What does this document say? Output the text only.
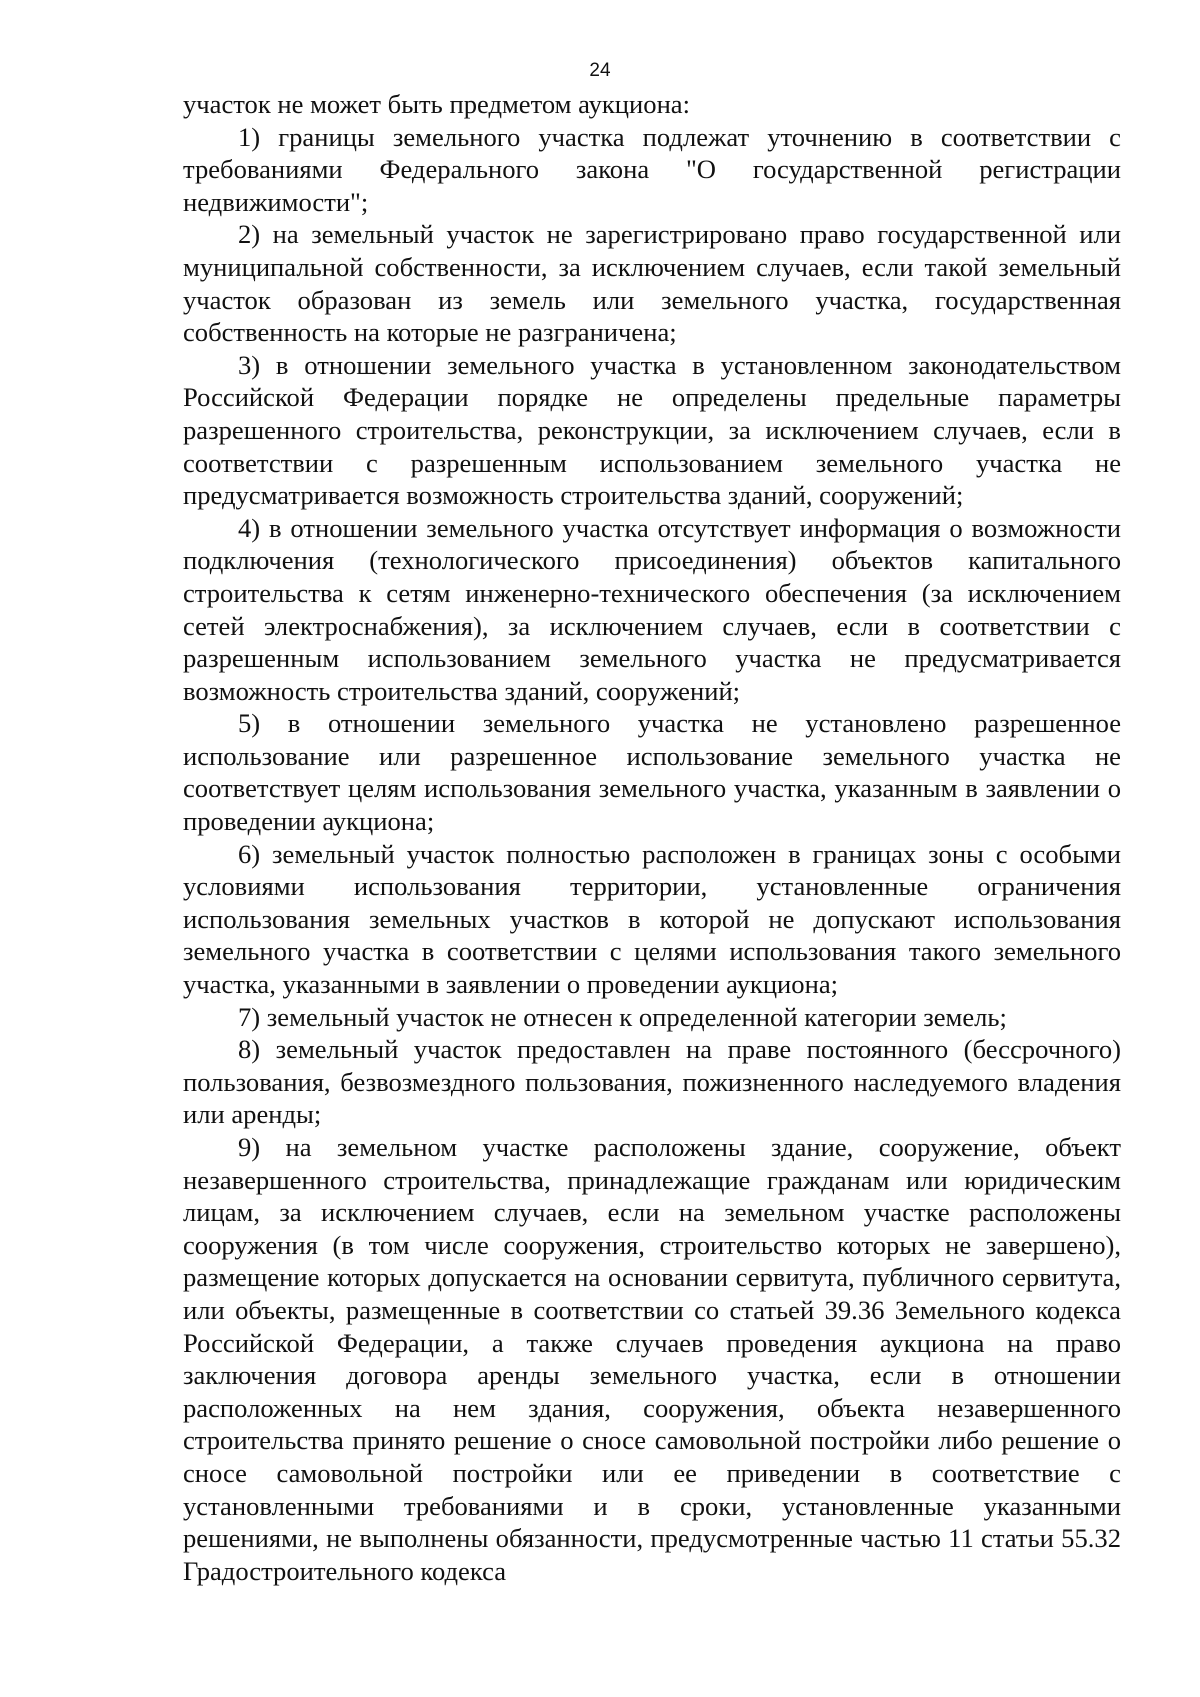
24

участок не может быть предметом аукциона:

1) границы земельного участка подлежат уточнению в соответствии с требованиями Федерального закона "О государственной регистрации недвижимости";

2) на земельный участок не зарегистрировано право государственной или муниципальной собственности, за исключением случаев, если такой земельный участок образован из земель или земельного участка, государственная собственность на которые не разграничена;

3) в отношении земельного участка в установленном законодательством Российской Федерации порядке не определены предельные параметры разрешенного строительства, реконструкции, за исключением случаев, если в соответствии с разрешенным использованием земельного участка не предусматривается возможность строительства зданий, сооружений;

4) в отношении земельного участка отсутствует информация о возможности подключения (технологического присоединения) объектов капитального строительства к сетям инженерно-технического обеспечения (за исключением сетей электроснабжения), за исключением случаев, если в соответствии с разрешенным использованием земельного участка не предусматривается возможность строительства зданий, сооружений;

5) в отношении земельного участка не установлено разрешенное использование или разрешенное использование земельного участка не соответствует целям использования земельного участка, указанным в заявлении о проведении аукциона;

6) земельный участок полностью расположен в границах зоны с особыми условиями использования территории, установленные ограничения использования земельных участков в которой не допускают использования земельного участка в соответствии с целями использования такого земельного участка, указанными в заявлении о проведении аукциона;

7) земельный участок не отнесен к определенной категории земель;

8) земельный участок предоставлен на праве постоянного (бессрочного) пользования, безвозмездного пользования, пожизненного наследуемого владения или аренды;

9) на земельном участке расположены здание, сооружение, объект незавершенного строительства, принадлежащие гражданам или юридическим лицам, за исключением случаев, если на земельном участке расположены сооружения (в том числе сооружения, строительство которых не завершено), размещение которых допускается на основании сервитута, публичного сервитута, или объекты, размещенные в соответствии со статьей 39.36 Земельного кодекса Российской Федерации, а также случаев проведения аукциона на право заключения договора аренды земельного участка, если в отношении расположенных на нем здания, сооружения, объекта незавершенного строительства принято решение о сносе самовольной постройки либо решение о сносе самовольной постройки или ее приведении в соответствие с установленными требованиями и в сроки, установленные указанными решениями, не выполнены обязанности, предусмотренные частью 11 статьи 55.32 Градостроительного кодекса
